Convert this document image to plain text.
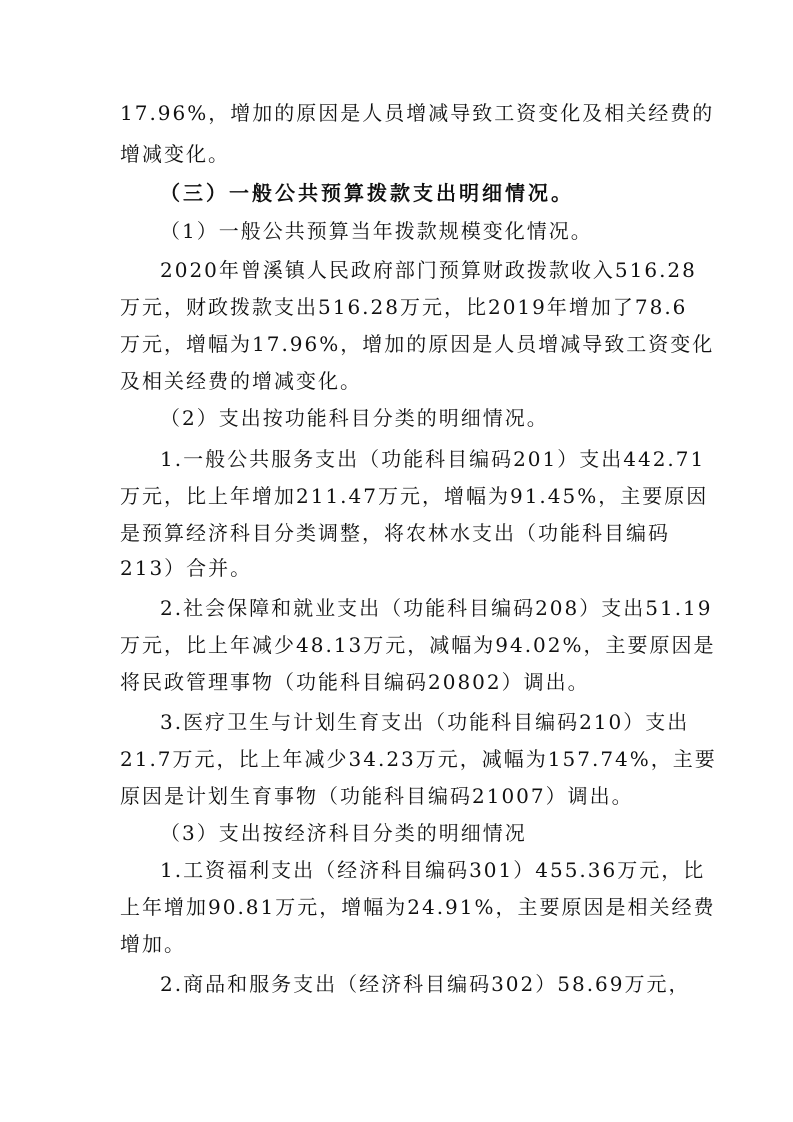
17.96%，增加的原因是人员增减导致工资变化及相关经费的
增减变化。
（三）一般公共预算拨款支出明细情况。
（1）一般公共预算当年拨款规模变化情况。
2020年曾溪镇人民政府部门预算财政拨款收入516.28
万元，财政拨款支出516.28万元，比2019年增加了78.6
万元，增幅为17.96%，增加的原因是人员增减导致工资变化
及相关经费的增减变化。
（2）支出按功能科目分类的明细情况。
1.一般公共服务支出（功能科目编码201）支出442.71
万元，比上年增加211.47万元，增幅为91.45%，主要原因
是预算经济科目分类调整，将农林水支出（功能科目编码
213）合并。
2.社会保障和就业支出（功能科目编码208）支出51.19
万元，比上年减少48.13万元，减幅为94.02%，主要原因是
将民政管理事物（功能科目编码20802）调出。
3.医疗卫生与计划生育支出（功能科目编码210）支出
21.7万元，比上年减少34.23万元，减幅为157.74%，主要
原因是计划生育事物（功能科目编码21007）调出。
（3）支出按经济科目分类的明细情况
1.工资福利支出（经济科目编码301）455.36万元，比
上年增加90.81万元，增幅为24.91%，主要原因是相关经费
增加。
2.商品和服务支出（经济科目编码302）58.69万元，
